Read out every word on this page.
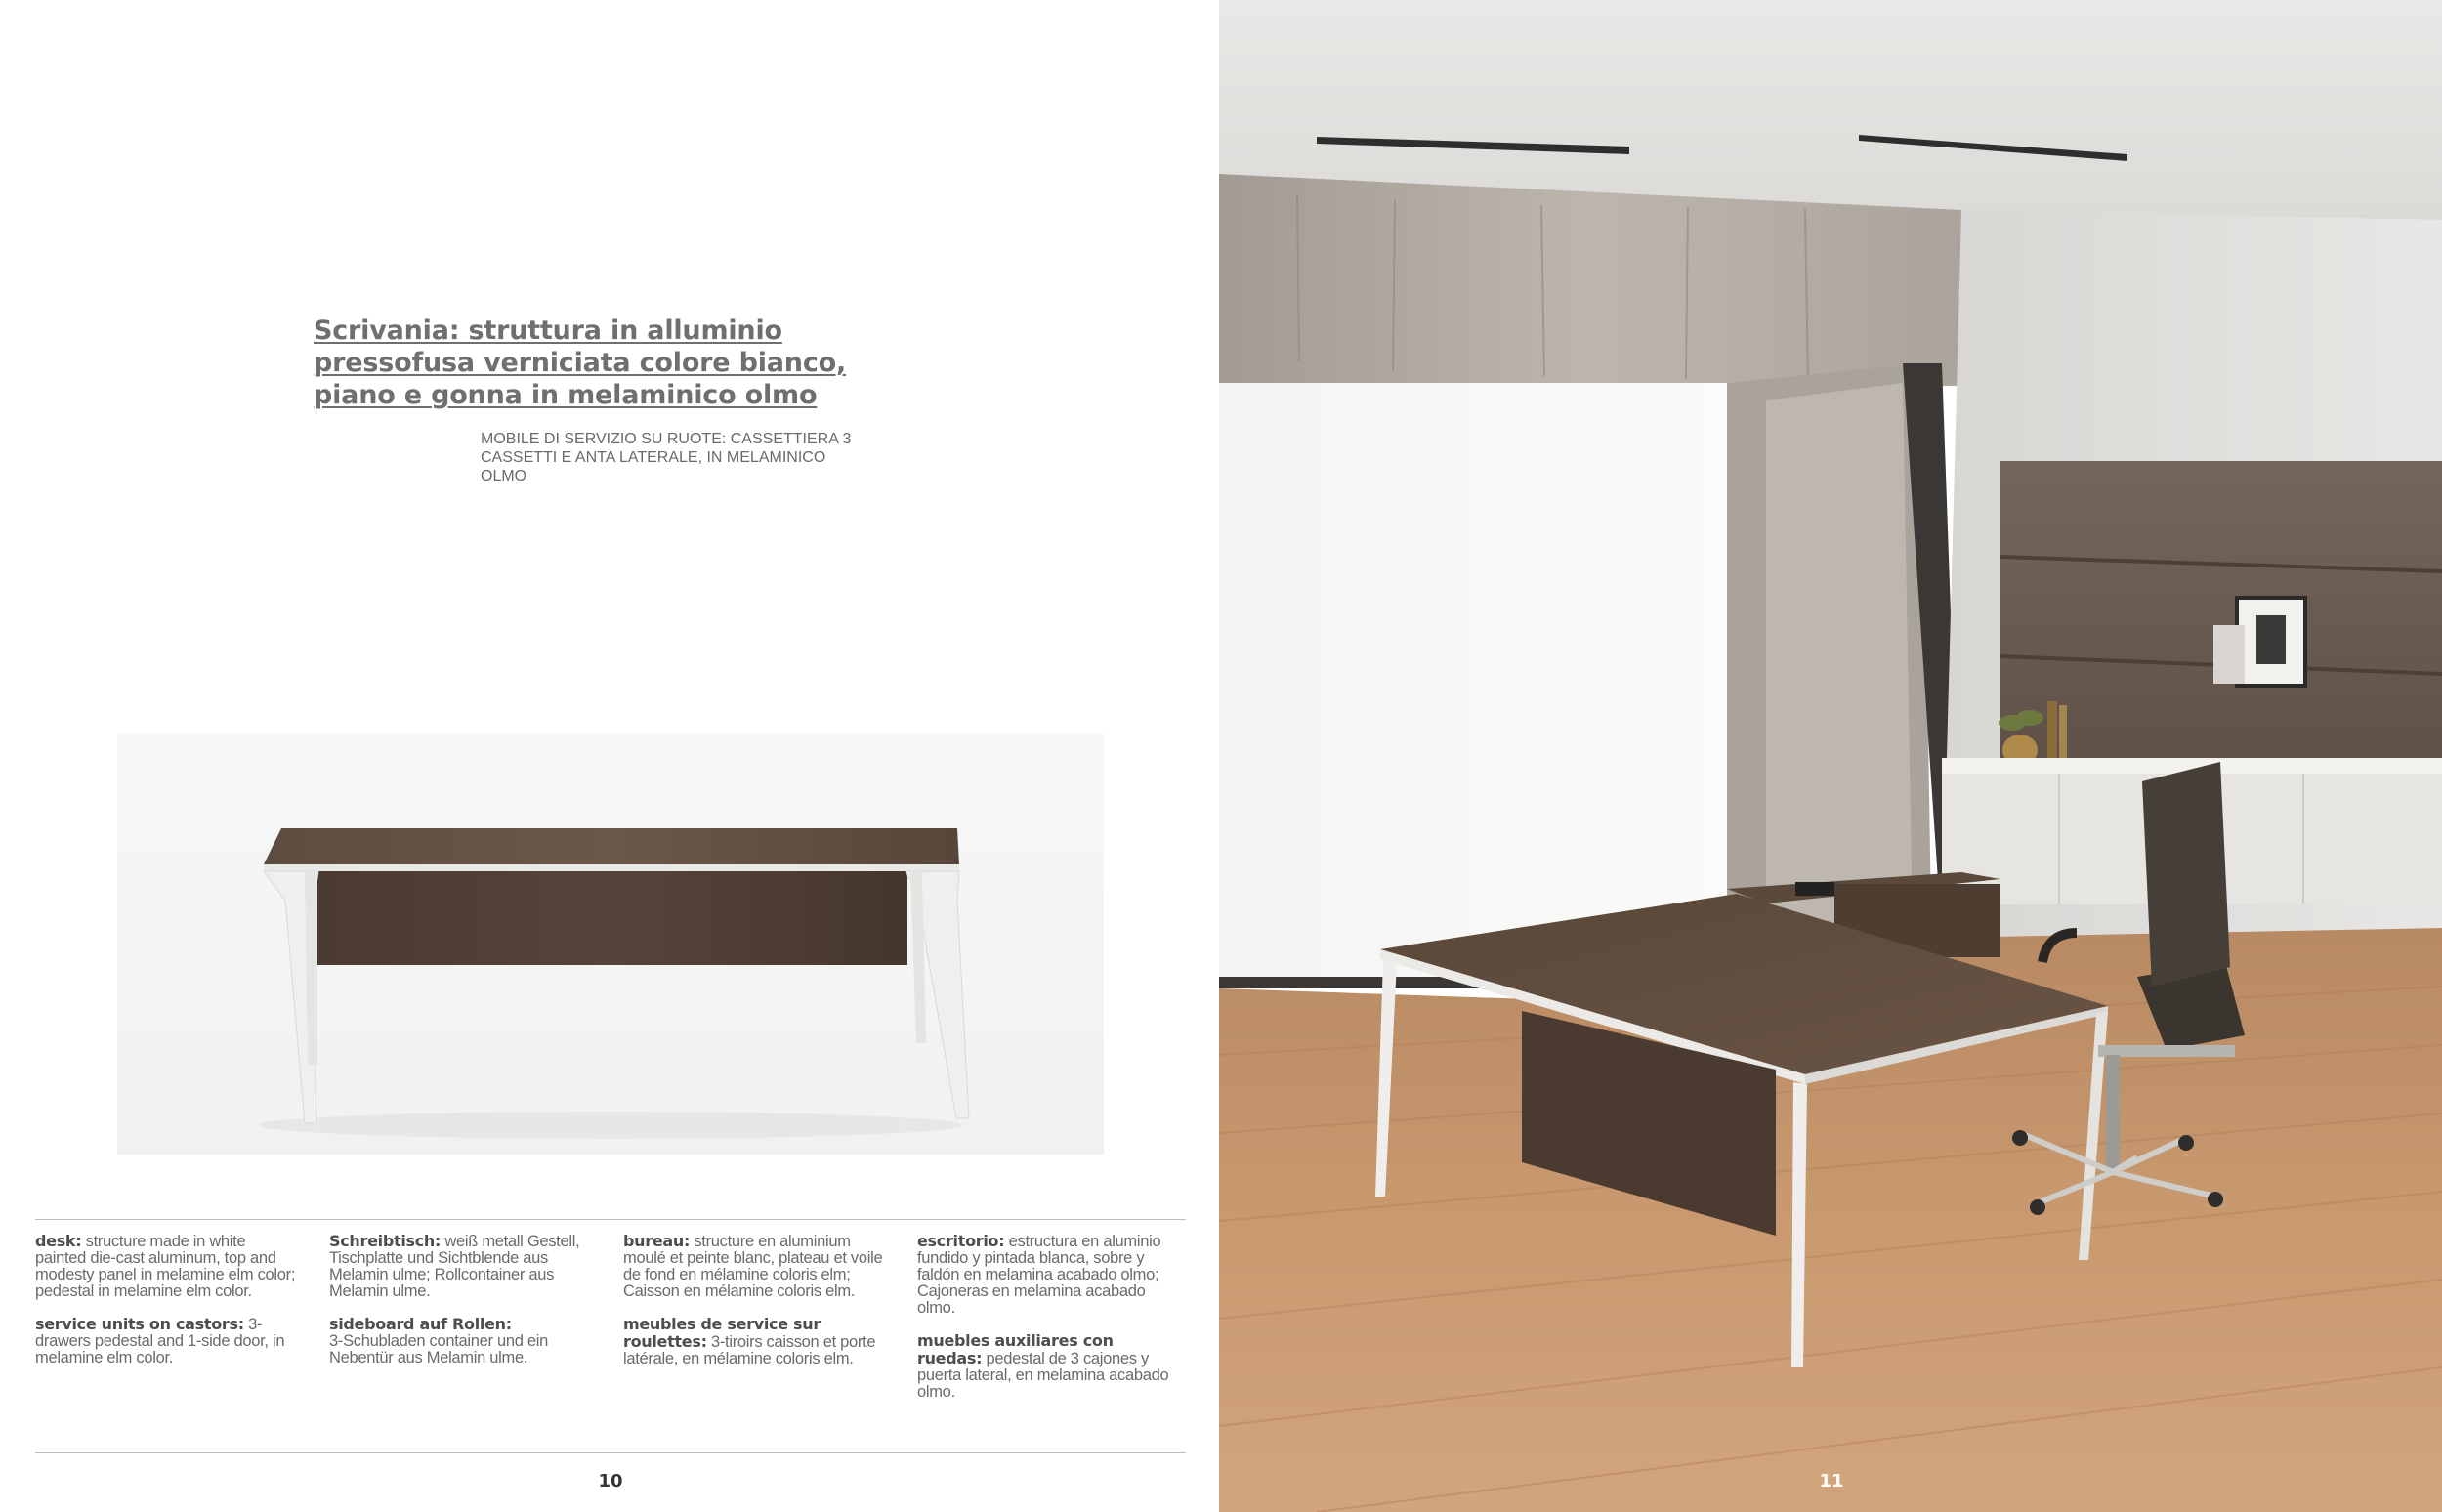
Scrivania: struttura in alluminio
pressofusa verniciata colore bianco,
piano e gonna in melaminico olmo
MOBILE DI SERVIZIO SU RUOTE: CASSETTIERA 3 CASSETTI E ANTA LATERALE, IN MELAMINICO OLMO

desk: structure made in white painted die-cast aluminum, top and modesty panel in melamine elm color; pedestal in melamine elm color.

service units on castors: 3-drawers pedestal and 1-side door, in melamine elm color.

Schreibtisch: weiß metall Gestell, Tischplatte und Sichtblende aus Melamin ulme; Rollcontainer aus Melamin ulme.

sideboard auf Rollen:
3-Schubladen container und ein Nebentür aus Melamin ulme.

bureau: structure en aluminium moulé et peinte blanc, plateau et voile de fond en mélamine coloris elm; Caisson en mélamine coloris elm.

meubles de service sur roulettes: 3-tiroirs caisson et porte latérale, en mélamine coloris elm.

escritorio: estructura en aluminio fundido y pintada blanca, sobre y faldón en melamina acabado olmo; Cajoneras en melamina acabado olmo.

muebles auxiliares con ruedas: pedestal de 3 cajones y puerta lateral, en melamina acabado olmo.

10	11
